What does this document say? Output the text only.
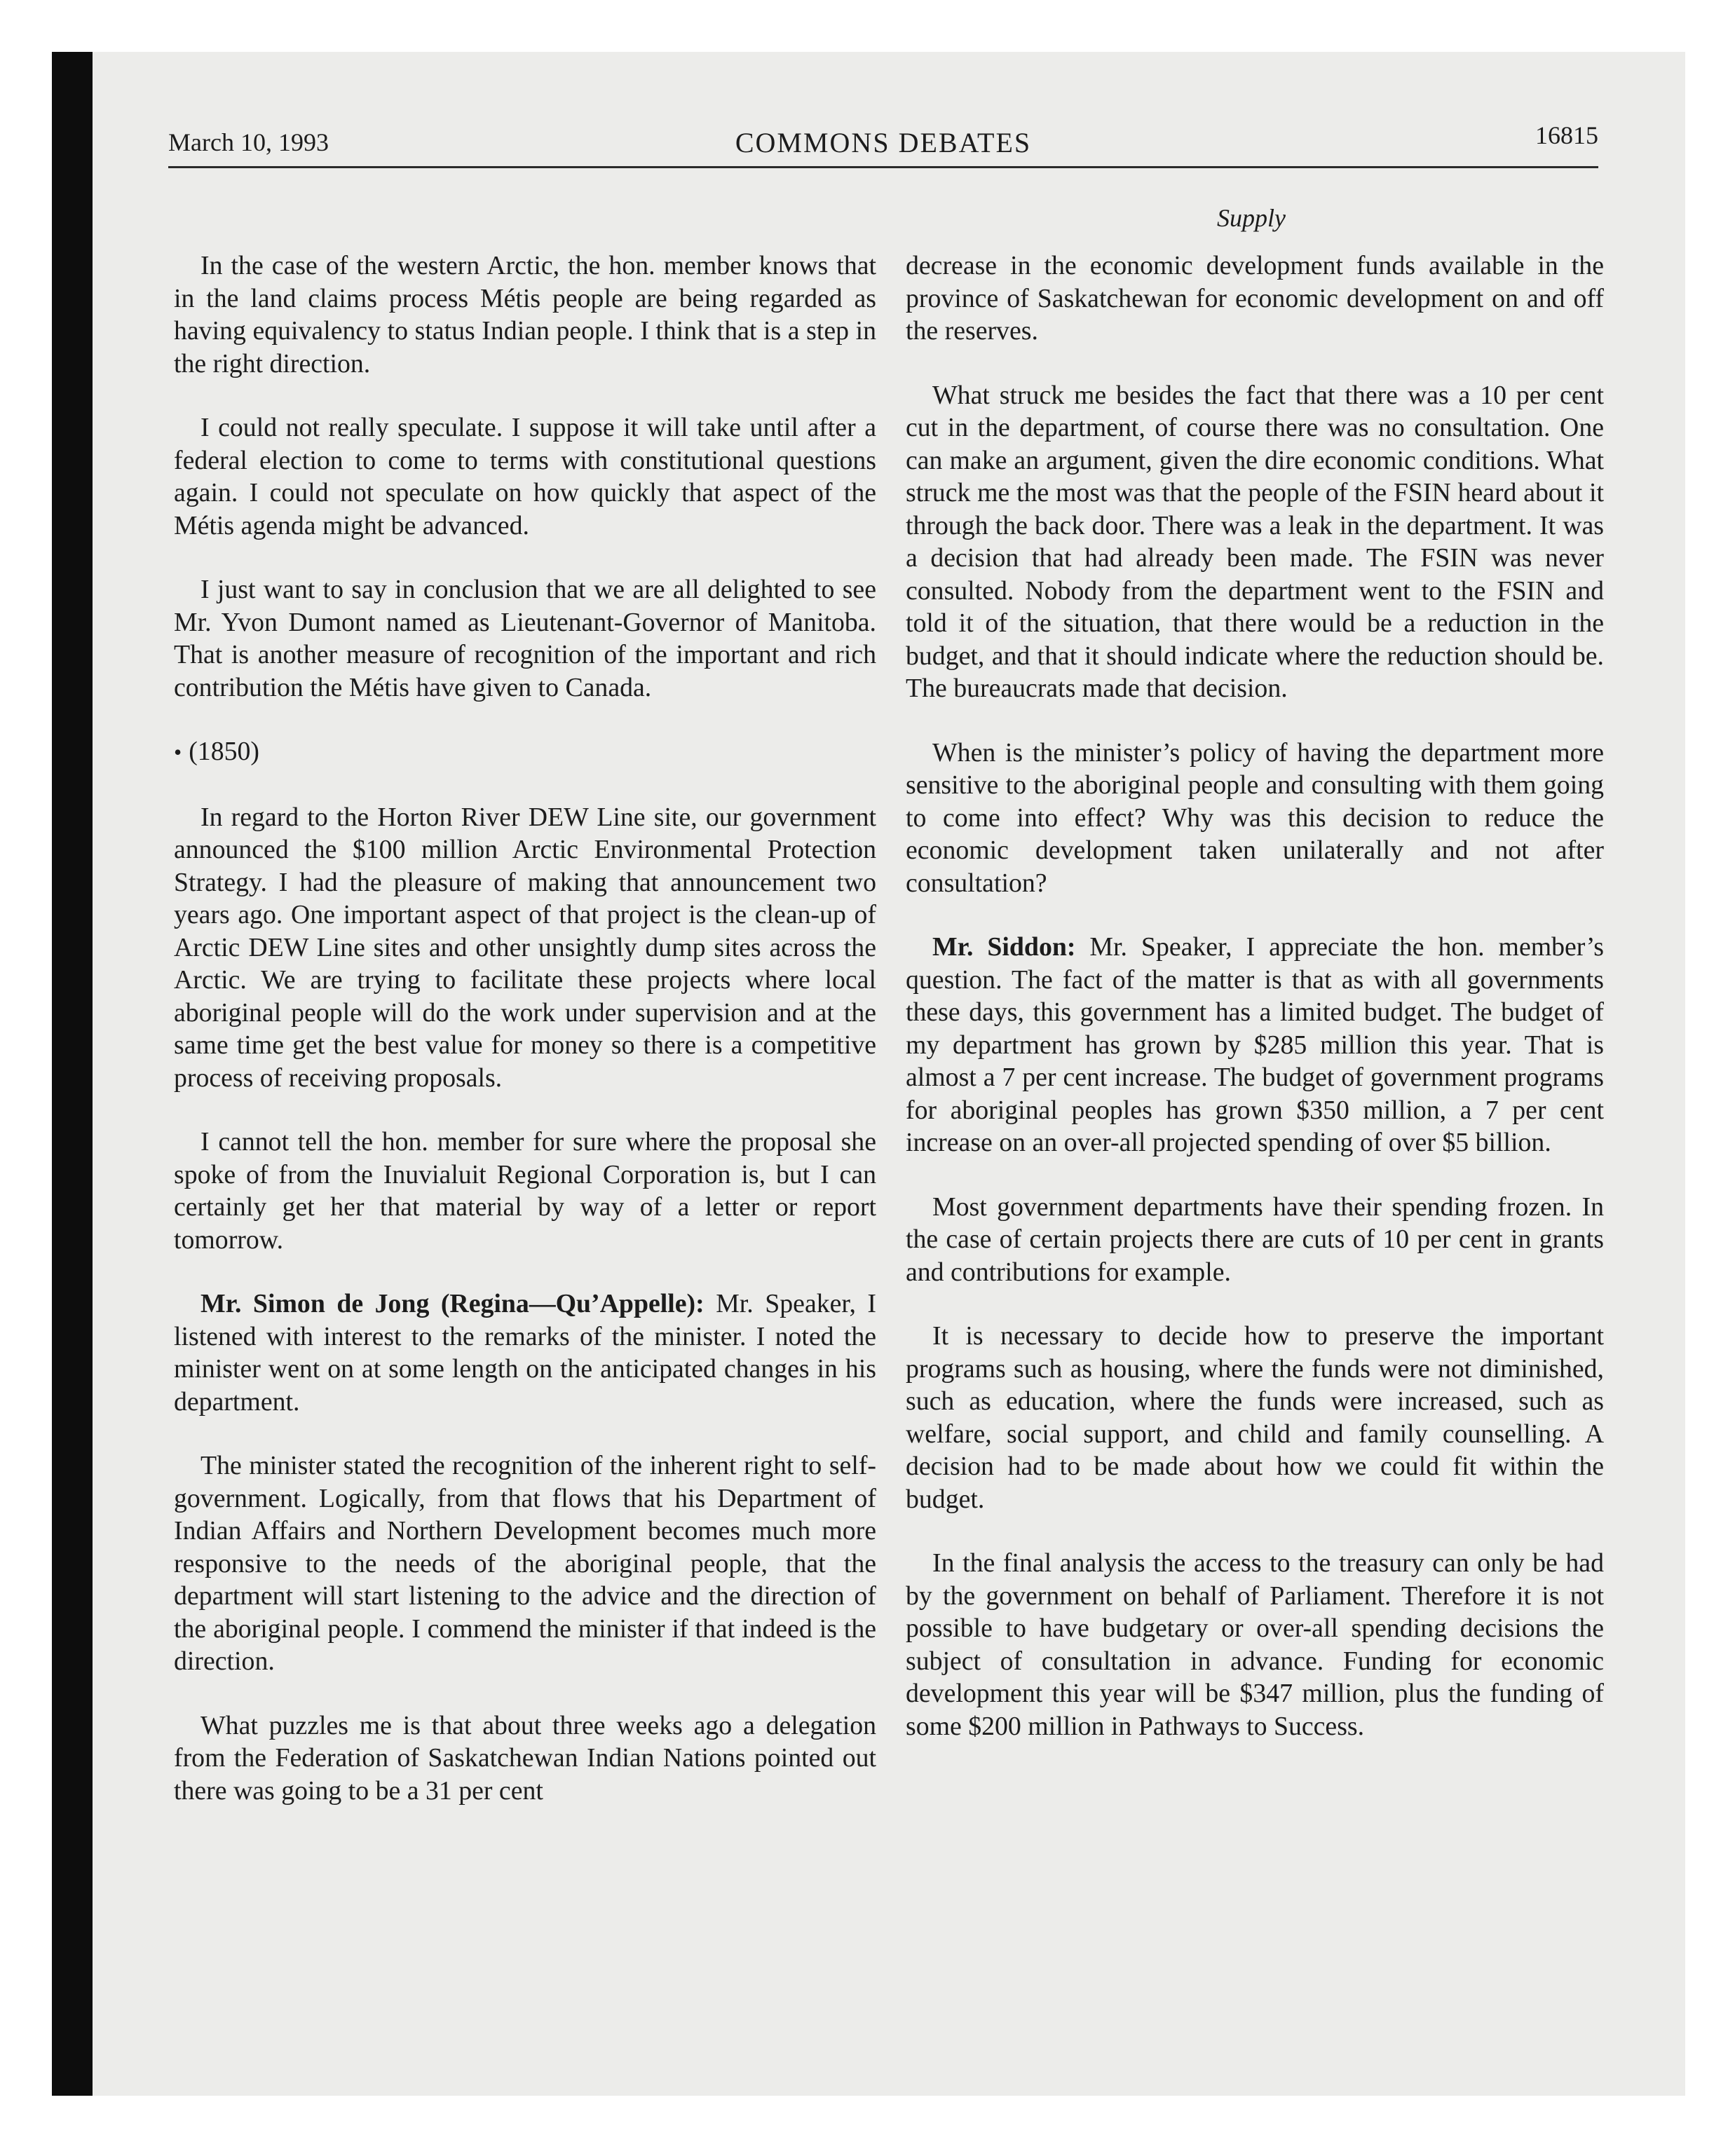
March 10, 1993	COMMONS DEBATES	16815
Supply

In the case of the western Arctic, the hon. member knows that in the land claims process Métis people are being regarded as having equivalency to status Indian people. I think that is a step in the right direction.

I could not really speculate. I suppose it will take until after a federal election to come to terms with constitutional questions again. I could not speculate on how quickly that aspect of the Métis agenda might be advanced.

I just want to say in conclusion that we are all delighted to see Mr. Yvon Dumont named as Lieutenant-Governor of Manitoba. That is another measure of recognition of the important and rich contribution the Métis have given to Canada.

• (1850)

In regard to the Horton River DEW Line site, our government announced the $100 million Arctic Environmental Protection Strategy. I had the pleasure of making that announcement two years ago. One important aspect of that project is the clean-up of Arctic DEW Line sites and other unsightly dump sites across the Arctic. We are trying to facilitate these projects where local aboriginal people will do the work under supervision and at the same time get the best value for money so there is a competitive process of receiving proposals.

I cannot tell the hon. member for sure where the proposal she spoke of from the Inuvialuit Regional Corporation is, but I can certainly get her that material by way of a letter or report tomorrow.

Mr. Simon de Jong (Regina—Qu’Appelle): Mr. Speaker, I listened with interest to the remarks of the minister. I noted the minister went on at some length on the anticipated changes in his department.

The minister stated the recognition of the inherent right to self-government. Logically, from that flows that his Department of Indian Affairs and Northern Development becomes much more responsive to the needs of the aboriginal people, that the department will start listening to the advice and the direction of the aboriginal people. I commend the minister if that indeed is the direction.

What puzzles me is that about three weeks ago a delegation from the Federation of Saskatchewan Indian Nations pointed out there was going to be a 31 per cent

decrease in the economic development funds available in the province of Saskatchewan for economic development on and off the reserves.

What struck me besides the fact that there was a 10 per cent cut in the department, of course there was no consultation. One can make an argument, given the dire economic conditions. What struck me the most was that the people of the FSIN heard about it through the back door. There was a leak in the department. It was a decision that had already been made. The FSIN was never consulted. Nobody from the department went to the FSIN and told it of the situation, that there would be a reduction in the budget, and that it should indicate where the reduction should be. The bureaucrats made that decision.

When is the minister’s policy of having the department more sensitive to the aboriginal people and consulting with them going to come into effect? Why was this decision to reduce the economic development taken unilaterally and not after consultation?

Mr. Siddon: Mr. Speaker, I appreciate the hon. member’s question. The fact of the matter is that as with all governments these days, this government has a limited budget. The budget of my department has grown by $285 million this year. That is almost a 7 per cent increase. The budget of government programs for aboriginal peoples has grown $350 million, a 7 per cent increase on an over-all projected spending of over $5 billion.

Most government departments have their spending frozen. In the case of certain projects there are cuts of 10 per cent in grants and contributions for example.

It is necessary to decide how to preserve the important programs such as housing, where the funds were not diminished, such as education, where the funds were increased, such as welfare, social support, and child and family counselling. A decision had to be made about how we could fit within the budget.

In the final analysis the access to the treasury can only be had by the government on behalf of Parliament. Therefore it is not possible to have budgetary or over-all spending decisions the subject of consultation in advance. Funding for economic development this year will be $347 million, plus the funding of some $200 million in Pathways to Success.
